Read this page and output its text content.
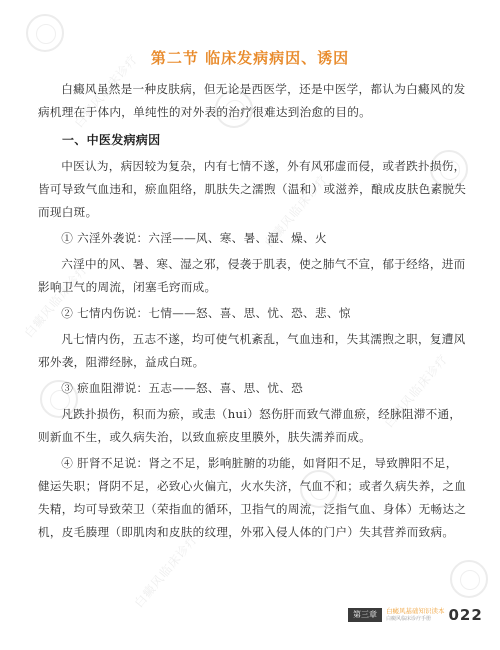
白癜风临床诊疗
白癜风临床诊疗
白癜风临床诊疗
白癜风临床诊疗
白癜风临床诊疗
第二节 临床发病病因、诱因

白癜风虽然是一种皮肤病，但无论是西医学，还是中医学，都认为白癜风的发病机理在于体内，单纯性的对外表的治疗很难达到治愈的目的。

一、中医发病病因

中医认为，病因较为复杂，内有七情不遂，外有风邪虚而侵，或者跌扑损伤，皆可导致气血违和，瘀血阻络，肌肤失之濡煦（温和）或滋养，酿成皮肤色素脱失而现白斑。

① 六淫外袭说：六淫——风、寒、暑、湿、燥、火

六淫中的风、暑、寒、湿之邪，侵袭于肌表，使之肺气不宣，郁于经络，进而影响卫气的周流，闭塞毛窍而成。

② 七情内伤说：七情——怒、喜、思、忧、恐、悲、惊

凡七情内伤，五志不遂，均可使气机紊乱，气血违和，失其濡煦之职，复遭风邪外袭，阻滞经脉，益成白斑。

③ 瘀血阻滞说：五志——怒、喜、思、忧、恐

凡跌扑损伤，积而为瘀，或恚（hui）怒伤肝而致气滞血瘀，经脉阻滞不通，则新血不生，或久病失治，以致血瘀皮里膜外，肤失濡养而成。

④ 肝肾不足说：肾之不足，影响脏腑的功能，如肾阳不足，导致脾阳不足，健运失职；肾阴不足，必致心火偏亢，火水失济，气血不和；或者久病失养，之血失精，均可导致荣卫（荣指血的循环，卫指气的周流，泛指气血、身体）无畅达之机，皮毛腠理（即肌肉和皮肤的纹理，外邪入侵人体的门户）失其营养而致病。

第三章	白癜风基础知识读本
白癜风临床诊疗手册	022
